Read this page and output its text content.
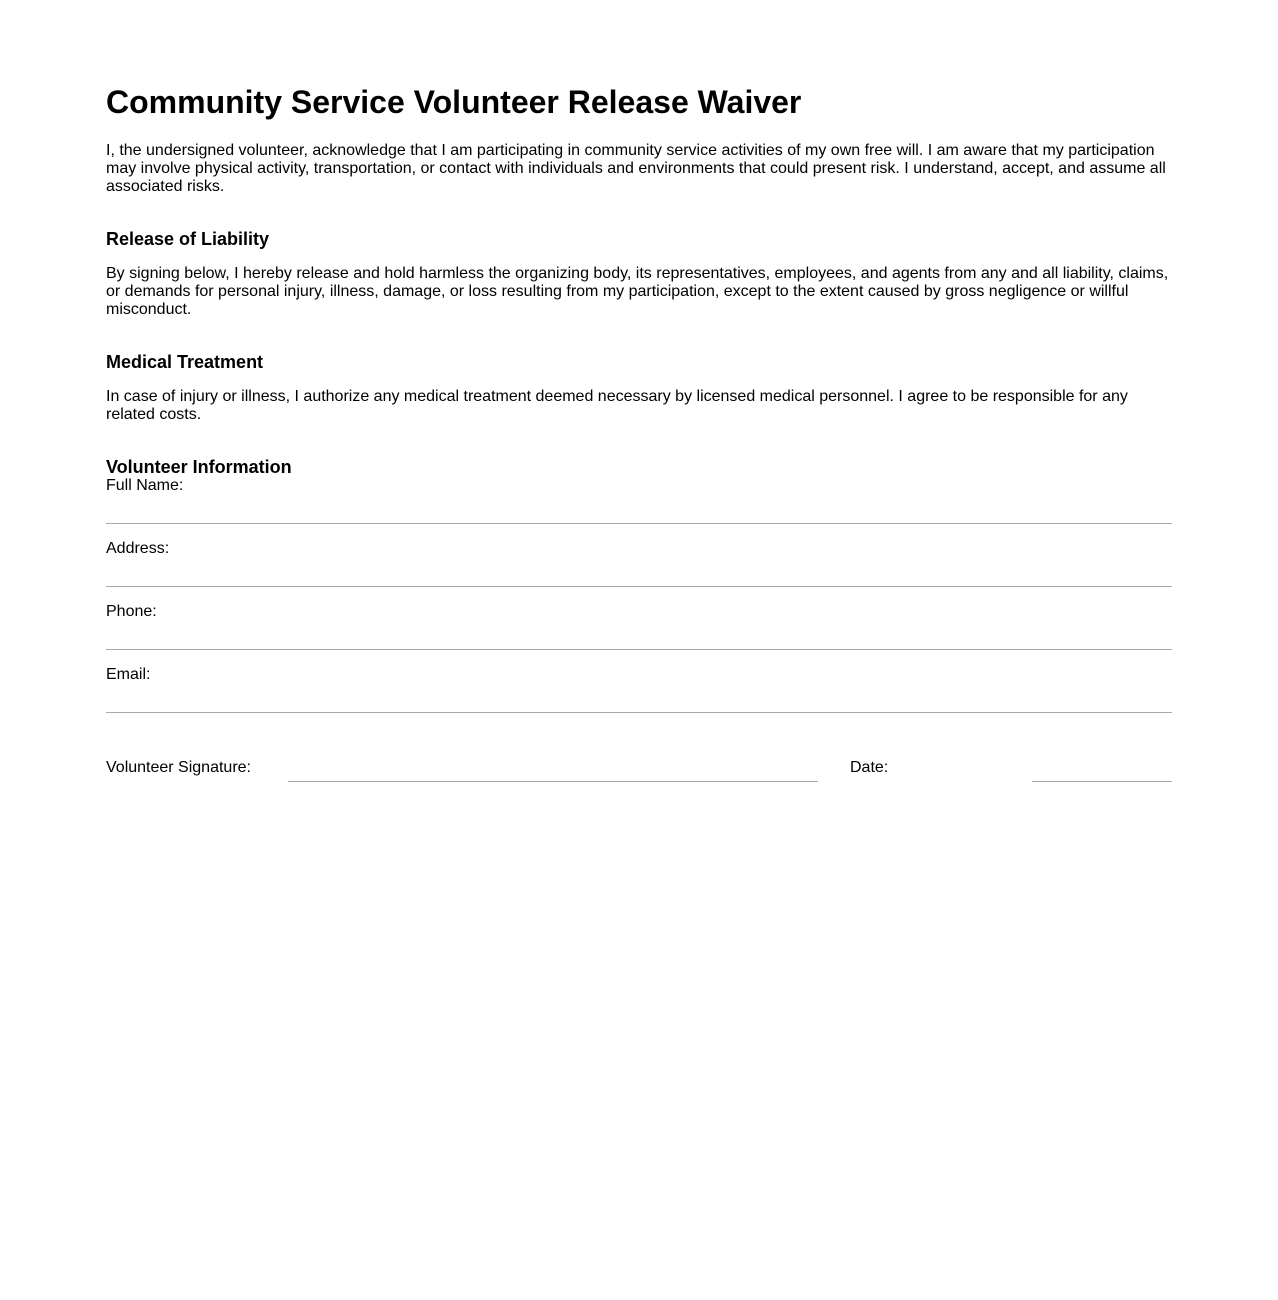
Community Service Volunteer Release Waiver

I, the undersigned volunteer, acknowledge that I am participating in community service activities of my own free will. I am aware that my participation may involve physical activity, transportation, or contact with individuals and environments that could present risk. I understand, accept, and assume all associated risks.

Release of Liability

By signing below, I hereby release and hold harmless the organizing body, its representatives, employees, and agents from any and all liability, claims, or demands for personal injury, illness, damage, or loss resulting from my participation, except to the extent caused by gross negligence or willful misconduct.

Medical Treatment

In case of injury or illness, I authorize any medical treatment deemed necessary by licensed medical personnel. I agree to be responsible for any related costs.

Volunteer Information
Full Name:
Address:
Phone:
Email:
Volunteer Signature:	Date:
